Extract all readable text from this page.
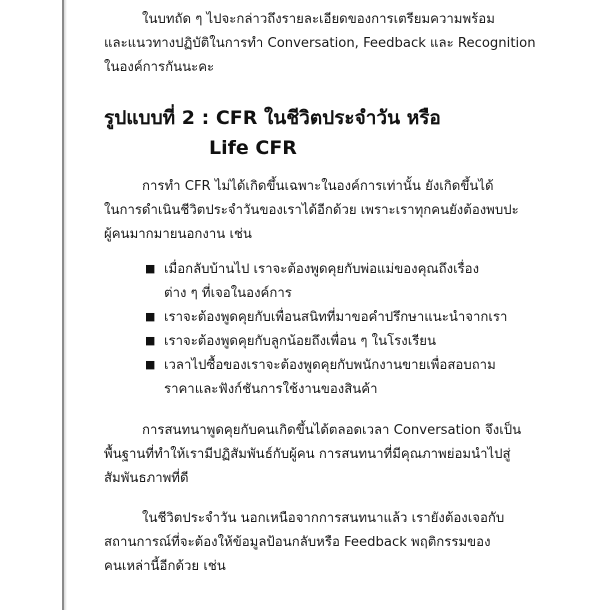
ในบทถัด ๆ ไปจะกล่าวถึงรายละเอียดของการเตรียมความพร้อม
และแนวทางปฏิบัติในการทำ Conversation, Feedback และ Recognition
ในองค์การกันนะคะ
รูปแบบที่ 2 : CFR ในชีวิตประจำวัน หรือ
Life CFR
การทำ CFR ไม่ได้เกิดขึ้นเฉพาะในองค์การเท่านั้น ยังเกิดขึ้นได้
ในการดำเนินชีวิตประจำวันของเราได้อีกด้วย เพราะเราทุกคนยังต้องพบปะ
ผู้คนมากมายนอกงาน เช่น
■ เมื่อกลับบ้านไป เราจะต้องพูดคุยกับพ่อแม่ของคุณถึงเรื่อง
ต่าง ๆ ที่เจอในองค์การ
■ เราจะต้องพูดคุยกับเพื่อนสนิทที่มาขอคำปรึกษาแนะนำจากเรา
■ เราจะต้องพูดคุยกับลูกน้อยถึงเพื่อน ๆ ในโรงเรียน
■ เวลาไปซื้อของเราจะต้องพูดคุยกับพนักงานขายเพื่อสอบถาม
ราคาและฟังก์ชันการใช้งานของสินค้า
การสนทนาพูดคุยกับคนเกิดขึ้นได้ตลอดเวลา Conversation จึงเป็น
พื้นฐานที่ทำให้เรามีปฏิสัมพันธ์กับผู้คน การสนทนาที่มีคุณภาพย่อมนำไปสู่
สัมพันธภาพที่ดี
ในชีวิตประจำวัน นอกเหนือจากการสนทนาแล้ว เรายังต้องเจอกับ
สถานการณ์ที่จะต้องให้ข้อมูลป้อนกลับหรือ Feedback พฤติกรรมของ
คนเหล่านี้อีกด้วย เช่น
